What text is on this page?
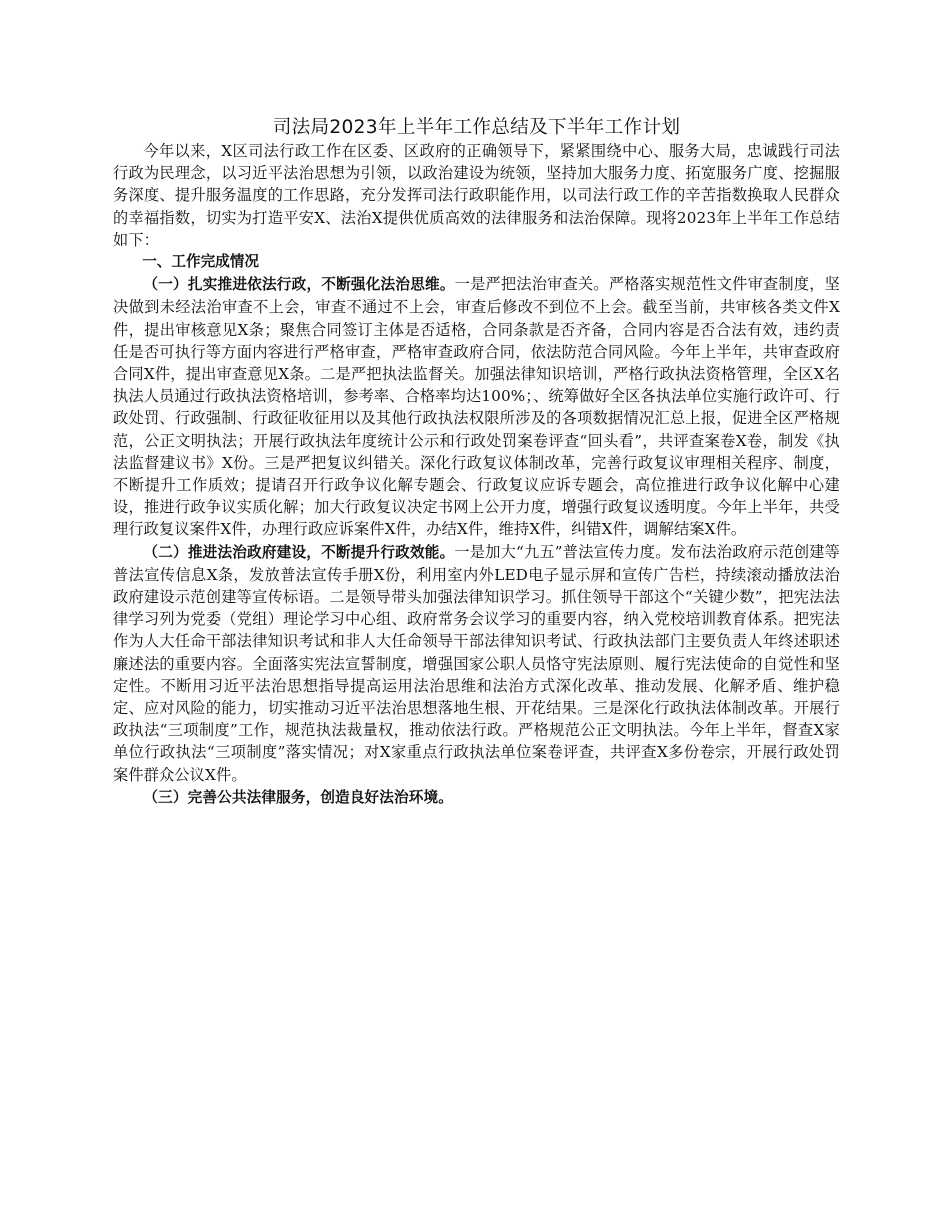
司法局2023年上半年工作总结及下半年工作计划

今年以来，X区司法行政工作在区委、区政府的正确领导下，紧紧围绕中心、服务大局，忠诚践行司法行政为民理念，以习近平法治思想为引领，以政治建设为统领，坚持加大服务力度、拓宽服务广度、挖掘服务深度、提升服务温度的工作思路，充分发挥司法行政职能作用，以司法行政工作的辛苦指数换取人民群众的幸福指数，切实为打造平安X、法治X提供优质高效的法律服务和法治保障。现将2023年上半年工作总结如下：

一、工作完成情况

（一）扎实推进依法行政，不断强化法治思维。一是严把法治审查关。严格落实规范性文件审查制度，坚决做到未经法治审查不上会，审查不通过不上会，审查后修改不到位不上会。截至当前，共审核各类文件X件，提出审核意见X条；聚焦合同签订主体是否适格，合同条款是否齐备，合同内容是否合法有效，违约责任是否可执行等方面内容进行严格审查，严格审查政府合同，依法防范合同风险。今年上半年，共审查政府合同X件，提出审查意见X条。二是严把执法监督关。加强法律知识培训，严格行政执法资格管理，全区X名执法人员通过行政执法资格培训，参考率、合格率均达100%；、统筹做好全区各执法单位实施行政许可、行政处罚、行政强制、行政征收征用以及其他行政执法权限所涉及的各项数据情况汇总上报，促进全区严格规范，公正文明执法；开展行政执法年度统计公示和行政处罚案卷评查“回头看”，共评查案卷X卷，制发《执法监督建议书》X份。三是严把复议纠错关。深化行政复议体制改革，完善行政复议审理相关程序、制度，不断提升工作质效；提请召开行政争议化解专题会、行政复议应诉专题会，高位推进行政争议化解中心建设，推进行政争议实质化解；加大行政复议决定书网上公开力度，增强行政复议透明度。今年上半年，共受理行政复议案件X件，办理行政应诉案件X件，办结X件，维持X件，纠错X件，调解结案X件。

（二）推进法治政府建设，不断提升行政效能。一是加大“九五”普法宣传力度。发布法治政府示范创建等普法宣传信息X条，发放普法宣传手册X份，利用室内外LED电子显示屏和宣传广告栏，持续滚动播放法治政府建设示范创建等宣传标语。二是领导带头加强法律知识学习。抓住领导干部这个“关键少数”，把宪法法律学习列为党委（党组）理论学习中心组、政府常务会议学习的重要内容，纳入党校培训教育体系。把宪法作为人大任命干部法律知识考试和非人大任命领导干部法律知识考试、行政执法部门主要负责人年终述职述廉述法的重要内容。全面落实宪法宣誓制度，增强国家公职人员恪守宪法原则、履行宪法使命的自觉性和坚定性。不断用习近平法治思想指导提高运用法治思维和法治方式深化改革、推动发展、化解矛盾、维护稳定、应对风险的能力，切实推动习近平法治思想落地生根、开花结果。三是深化行政执法体制改革。开展行政执法“三项制度”工作，规范执法裁量权，推动依法行政。严格规范公正文明执法。今年上半年，督查X家单位行政执法“三项制度”落实情况；对X家重点行政执法单位案卷评查，共评查X多份卷宗，开展行政处罚案件群众公议X件。

（三）完善公共法律服务，创造良好法治环境。
